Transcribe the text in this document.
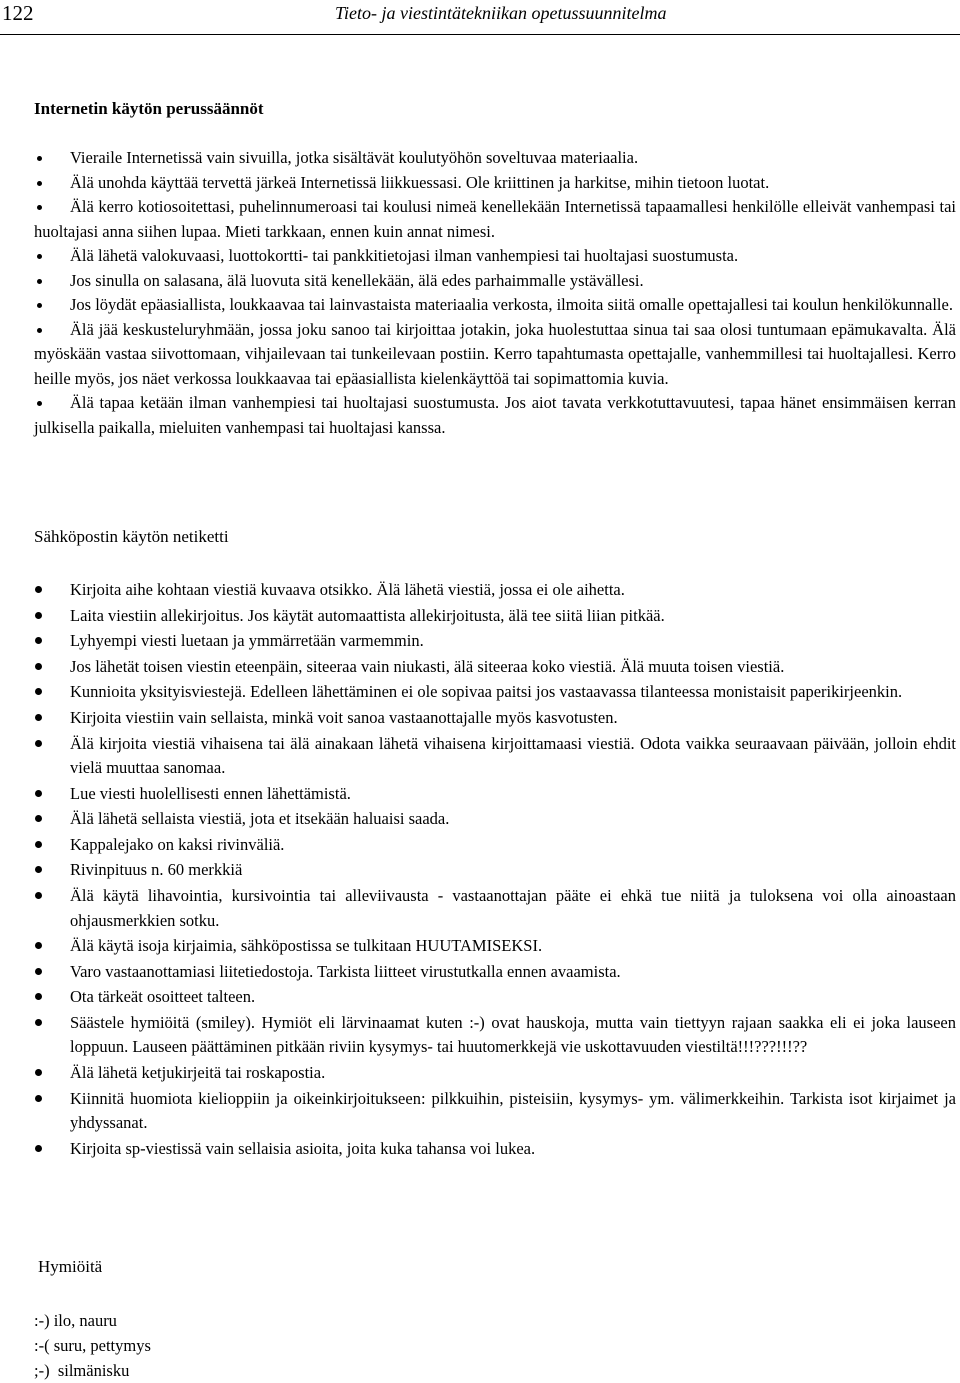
122	Tieto- ja viestintätekniikan opetussuunnitelma
Internetin käytön perussäännöt
Vieraile Internetissä vain sivuilla, jotka sisältävät koulutyöhön soveltuvaa materiaalia.
Älä unohda käyttää tervettä järkeä Internetissä liikkuessasi. Ole kriittinen ja harkitse, mihin tietoon luotat.
Älä kerro kotiosoitettasi, puhelinnumeroasi tai koulusi nimeä kenellekään Internetissä tapaamallesi henkilölle elleivät vanhempasi tai huoltajasi anna siihen lupaa. Mieti tarkkaan, ennen kuin annat nimesi.
Älä lähetä valokuvaasi, luottokortti- tai pankkitietojasi ilman vanhempiesi tai huoltajasi suostumusta.
Jos sinulla on salasana, älä luovuta sitä kenellekään, älä edes parhaimmalle ystävällesi.
Jos löydät epäasiallista, loukkaavaa tai lainvastaista materiaalia verkosta, ilmoita siitä omalle opettajallesi tai koulun henkilökunnalle.
Älä jää keskusteluryhmään, jossa joku sanoo tai kirjoittaa jotakin, joka huolestuttaa sinua tai saa olosi tuntumaan epämukavalta. Älä myöskään vastaa siivottomaan, vihjailevaan tai tunkeilevaan postiin. Kerro tapahtumasta opettajalle, vanhemmillesi tai huoltajallesi. Kerro heille myös, jos näet verkossa loukkaavaa tai epäasiallista kielenkäyttöä tai sopimattomia kuvia.
Älä tapaa ketään ilman vanhempiesi tai huoltajasi suostumusta. Jos aiot tavata verkkotuttavuutesi, tapaa hänet ensimmäisen kerran julkisella paikalla, mieluiten vanhempasi tai huoltajasi kanssa.
Sähköpostin käytön netiketti
Kirjoita aihe kohtaan viestiä kuvaava otsikko. Älä lähetä viestiä, jossa ei ole aihetta.
Laita viestiin allekirjoitus. Jos käytät automaattista allekirjoitusta, älä tee siitä liian pitkää.
Lyhyempi viesti luetaan ja ymmärretään varmemmin.
Jos lähetät toisen viestin eteenpäin, siteeraa vain niukasti, älä siteeraa koko viestiä. Älä muuta toisen viestiä.
Kunnioita yksityisviestejä. Edelleen lähettäminen ei ole sopivaa paitsi jos vastaavassa tilanteessa monistaisit paperikirjeenkin.
Kirjoita viestiin vain sellaista, minkä voit sanoa vastaanottajalle myös kasvotusten.
Älä kirjoita viestiä vihaisena tai älä ainakaan lähetä vihaisena kirjoittamaasi viestiä. Odota vaikka seuraavaan päivään, jolloin ehdit vielä muuttaa sanomaa.
Lue viesti huolellisesti ennen lähettämistä.
Älä lähetä sellaista viestiä, jota et itsekään haluaisi saada.
Kappalejako on kaksi rivinväliä.
Rivinpituus n. 60 merkkiä
Älä käytä lihavointia, kursivointia tai alleviivausta - vastaanottajan pääte ei ehkä tue niitä ja tuloksena voi olla ainoastaan ohjausmerkkien sotku.
Älä käytä isoja kirjaimia, sähköpostissa se tulkitaan HUUTAMISEKSI.
Varo vastaanottamiasi liitetiedostoja. Tarkista liitteet virustutkalla ennen avaamista.
Ota tärkeät osoitteet talteen.
Säästele hymiöitä (smiley). Hymiöt eli lärvinaamat kuten :-) ovat hauskoja, mutta vain tiettyyn rajaan saakka eli ei joka lauseen loppuun. Lauseen päättäminen pitkään riviin kysymys- tai huutomerkkejä vie uskottavuuden viestiltä!!!???!!!??
Älä lähetä ketjukirjeitä tai roskapostia.
Kiinnitä huomiota kielioppiin ja oikeinkirjoitukseen: pilkkuihin, pisteisiin, kysymys- ym. välimerkkeihin. Tarkista isot kirjaimet ja yhdyssanat.
Kirjoita sp-viestissä vain sellaisia asioita, joita kuka tahansa voi lukea.
Hymiöitä
:-) ilo, nauru
:-( suru, pettymys
;-)  silmänisku
